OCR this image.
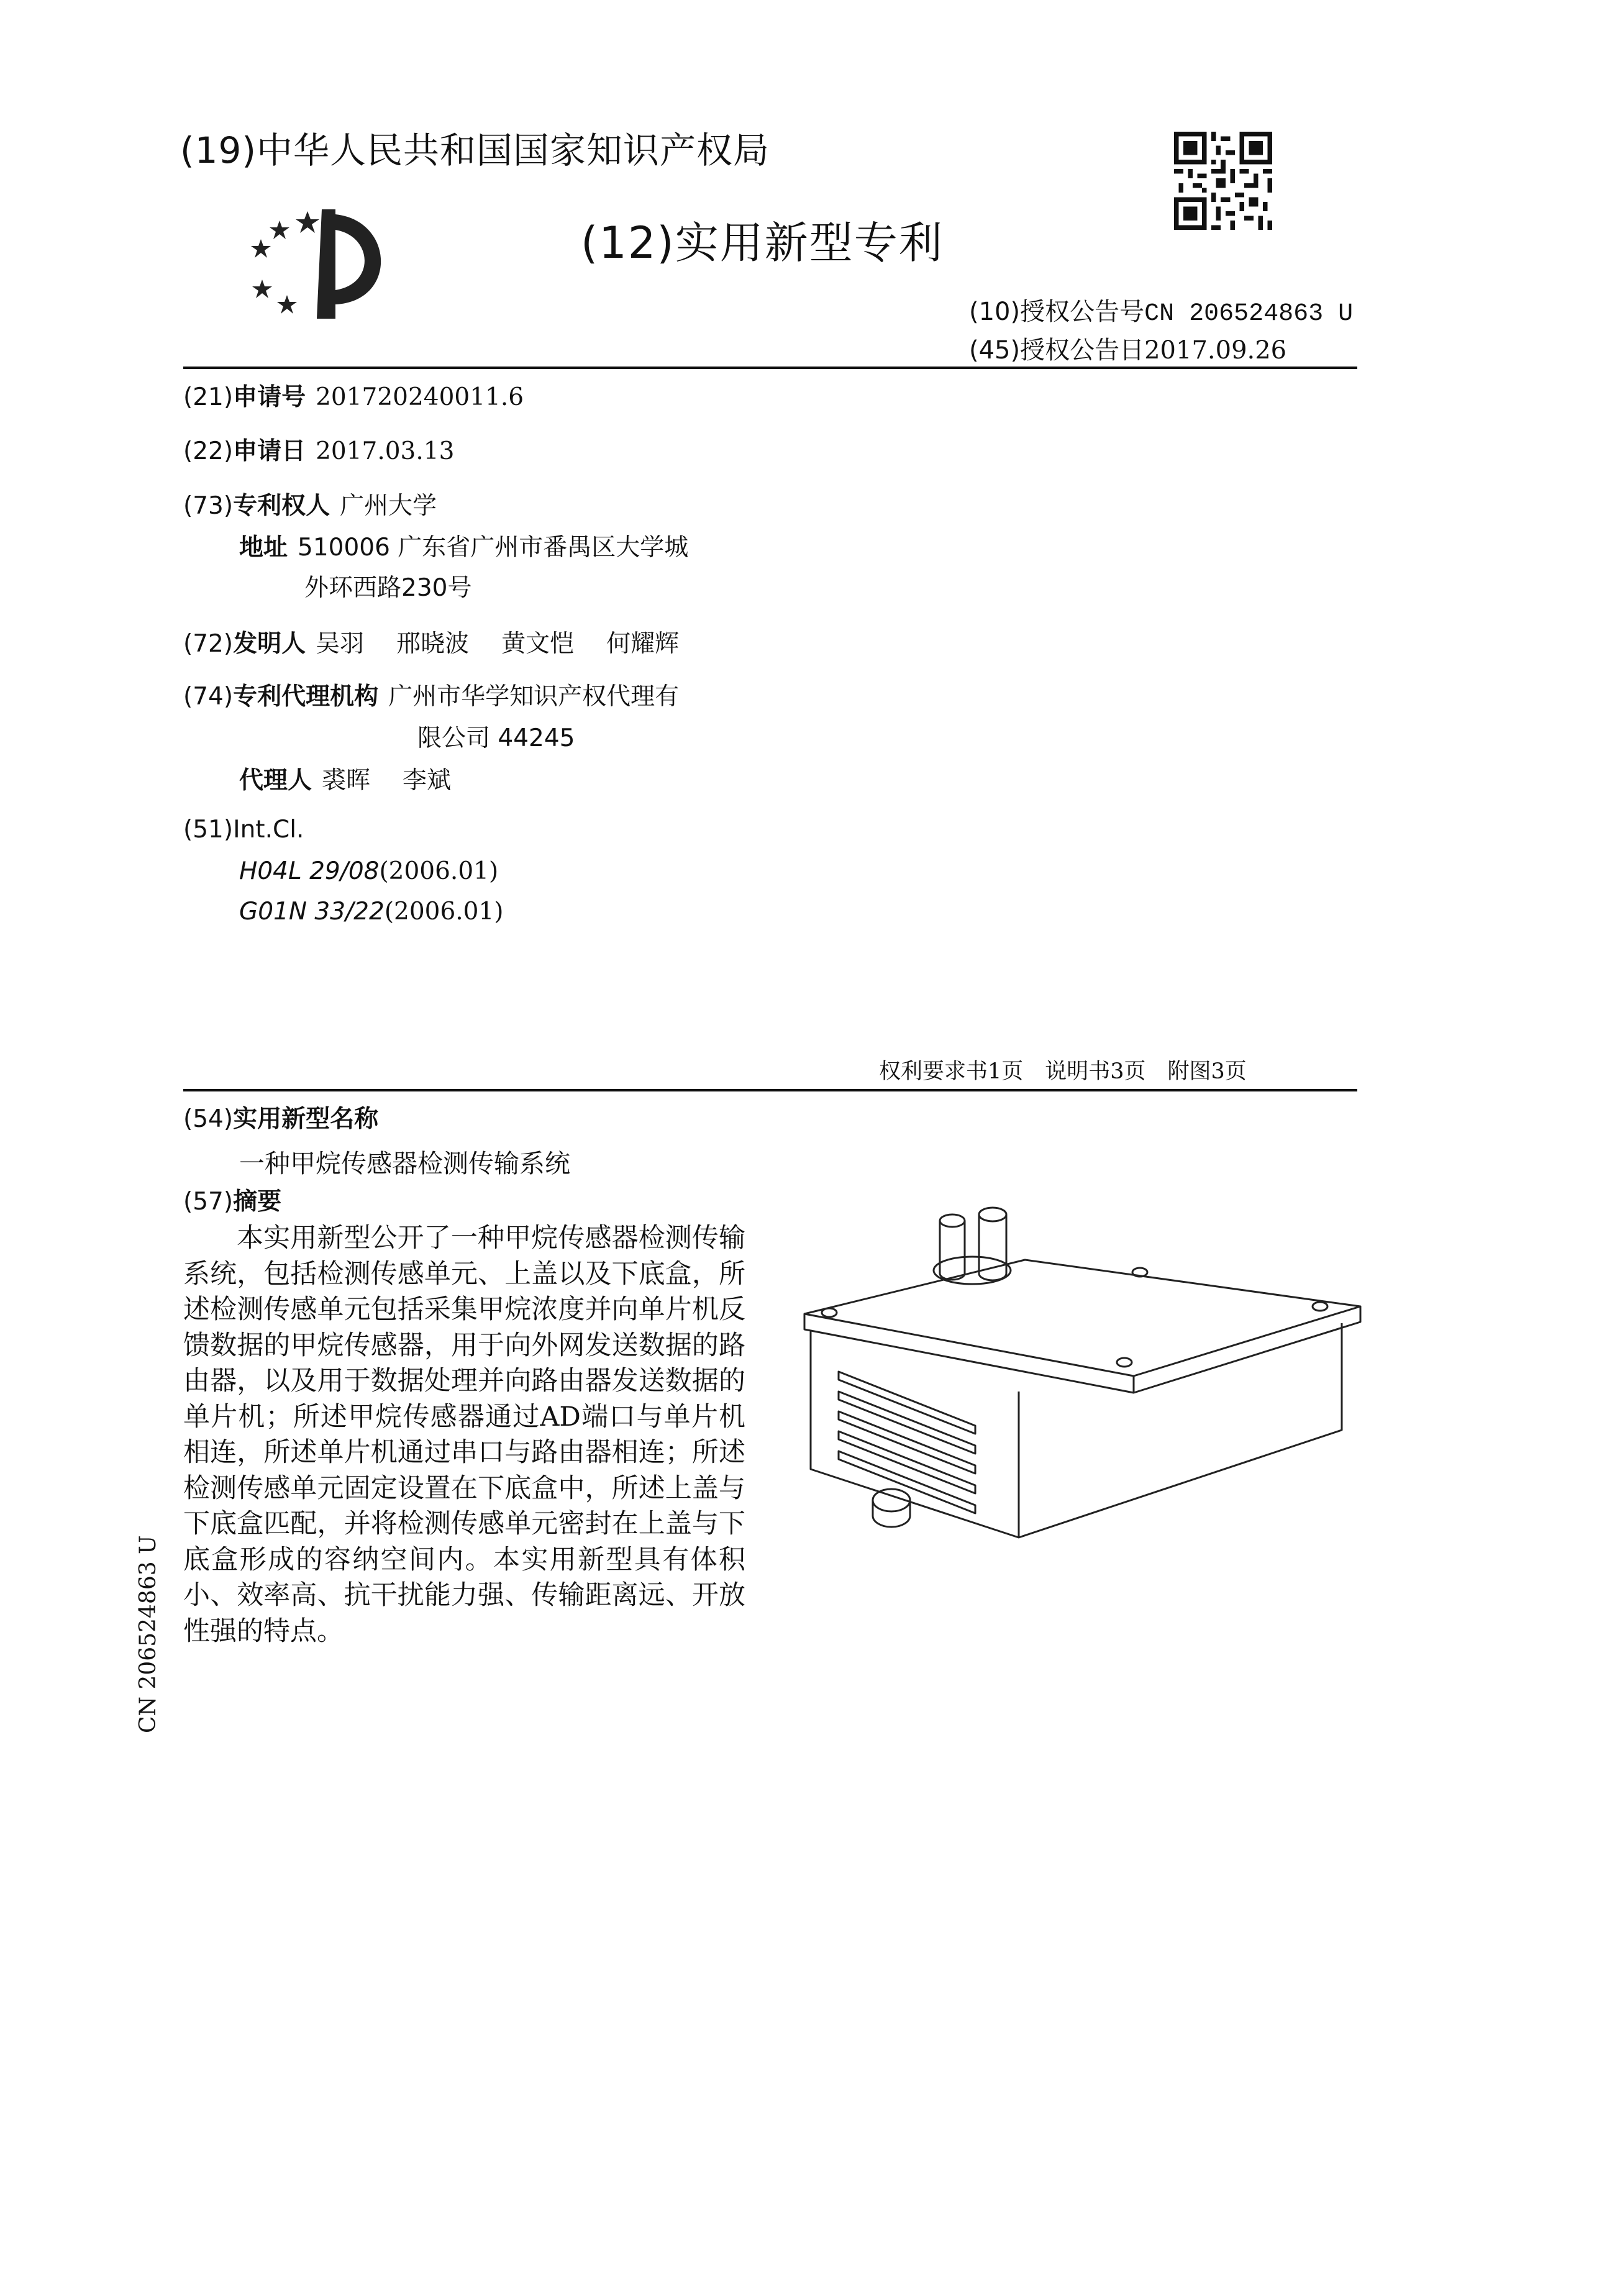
(19)中华人民共和国国家知识产权局
(12)实用新型专利
(10)授权公告号CN 206524863 U
(45)授权公告日2017.09.26
(21)申请号 201720240011.6
(22)申请日 2017.03.13
(73)专利权人 广州大学
地址 510006 广东省广州市番禺区大学城
外环西路230号
(72)发明人 吴羽 邢晓波 黄文恺 何耀辉
(74)专利代理机构 广州市华学知识产权代理有
限公司 44245
代理人 裘晖 李斌
(51)Int.Cl.
H04L 29/08(2006.01)
G01N 33/22(2006.01)
权利要求书1页　说明书3页　附图3页
(54)实用新型名称
一种甲烷传感器检测传输系统
(57)摘要
本实用新型公开了一种甲烷传感器检测传输系统，包括检测传感单元、上盖以及下底盒，所述检测传感单元包括采集甲烷浓度并向单片机反馈数据的甲烷传感器，用于向外网发送数据的路由器，以及用于数据处理并向路由器发送数据的单片机；所述甲烷传感器通过AD端口与单片机相连，所述单片机通过串口与路由器相连；所述检测传感单元固定设置在下底盒中，所述上盖与下底盒匹配，并将检测传感单元密封在上盖与下底盒形成的容纳空间内。本实用新型具有体积小、效率高、抗干扰能力强、传输距离远、开放性强的特点。
CN 206524863 U
